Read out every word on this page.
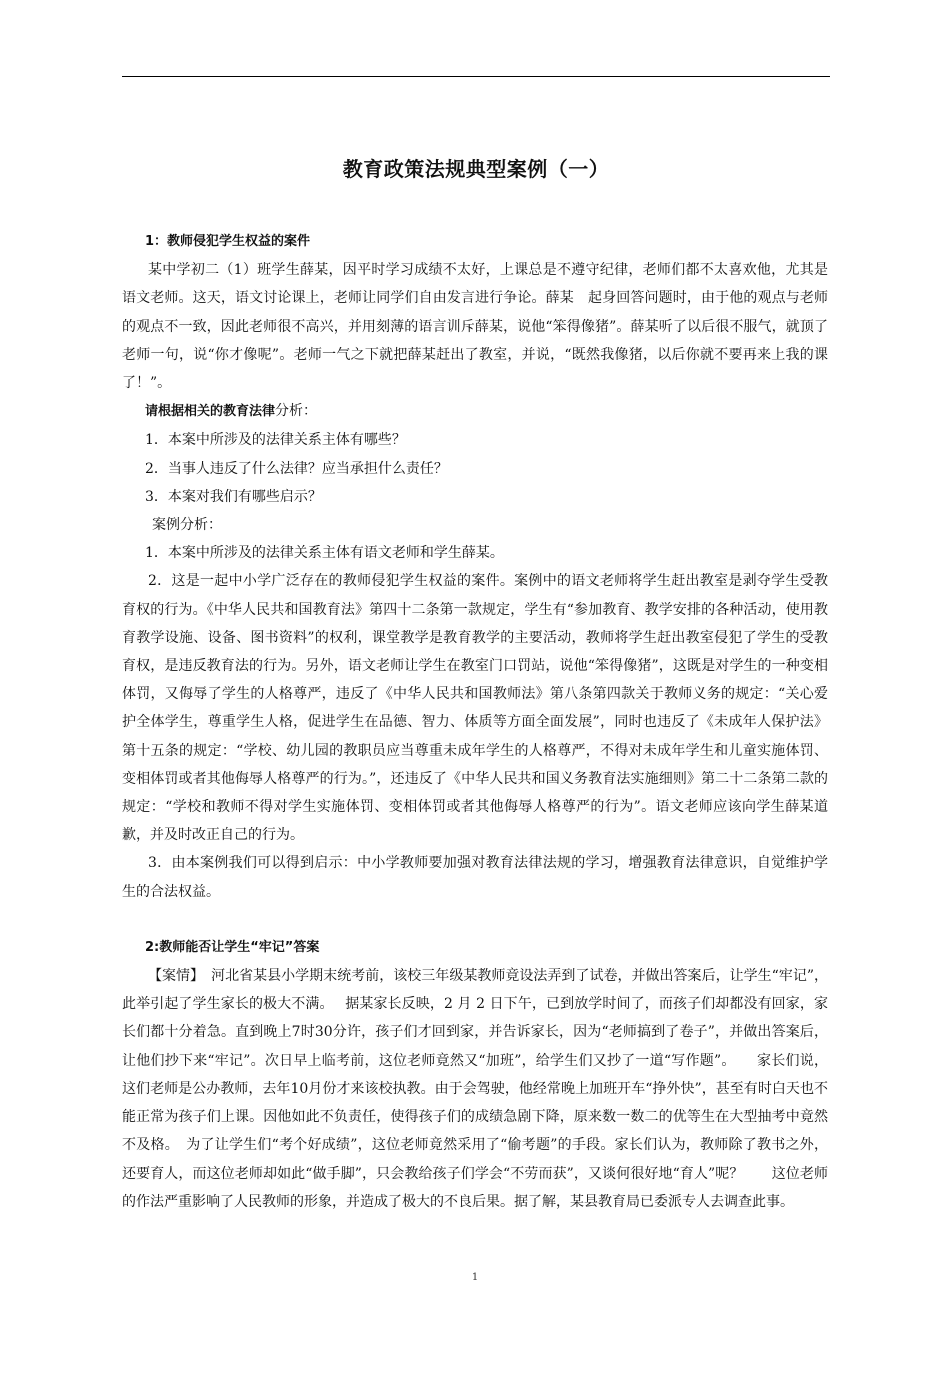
教育政策法规典型案例（一）

1：教师侵犯学生权益的案件

某中学初二（1）班学生薛某，因平时学习成绩不太好，上课总是不遵守纪律，老师们都不太喜欢他，尤其是语文老师。这天，语文讨论课上，老师让同学们自由发言进行争论。薛某　起身回答问题时，由于他的观点与老师的观点不一致，因此老师很不高兴，并用刻薄的语言训斥薛某，说他“笨得像猪”。薛某听了以后很不服气，就顶了老师一句，说“你才像呢”。老师一气之下就把薛某赶出了教室，并说，“既然我像猪，以后你就不要再来上我的课了！”。

请根据相关的教育法律分析：

1．本案中所涉及的法律关系主体有哪些？

2．当事人违反了什么法律？应当承担什么责任？

3．本案对我们有哪些启示？

案例分析：

1．本案中所涉及的法律关系主体有语文老师和学生薛某。

2．这是一起中小学广泛存在的教师侵犯学生权益的案件。案例中的语文老师将学生赶出教室是剥夺学生受教育权的行为。《中华人民共和国教育法》第四十二条第一款规定，学生有“参加教育、教学安排的各种活动，使用教育教学设施、设备、图书资料”的权利，课堂教学是教育教学的主要活动，教师将学生赶出教室侵犯了学生的受教育权，是违反教育法的行为。另外，语文老师让学生在教室门口罚站，说他“笨得像猪”，这既是对学生的一种变相体罚，又侮辱了学生的人格尊严，违反了《中华人民共和国教师法》第八条第四款关于教师义务的规定：“关心爱护全体学生，尊重学生人格，促进学生在品德、智力、体质等方面全面发展”，同时也违反了《未成年人保护法》第十五条的规定：“学校、幼儿园的教职员应当尊重未成年学生的人格尊严，不得对未成年学生和儿童实施体罚、变相体罚或者其他侮辱人格尊严的行为。”，还违反了《中华人民共和国义务教育法实施细则》第二十二条第二款的规定：“学校和教师不得对学生实施体罚、变相体罚或者其他侮辱人格尊严的行为”。语文老师应该向学生薛某道歉，并及时改正自己的行为。

3．由本案例我们可以得到启示：中小学教师要加强对教育法律法规的学习，增强教育法律意识，自觉维护学生的合法权益。

2:教师能否让学生“牢记”答案

【案情】　河北省某县小学期末统考前，该校三年级某教师竟设法弄到了试卷，并做出答案后，让学生“牢记”，此举引起了学生家长的极大不满。　 据某家长反映，2 月 2 日下午，已到放学时间了，而孩子们却都没有回家，家长们都十分着急。直到晚上7时30分许，孩子们才回到家，并告诉家长，因为“老师搞到了卷子”，并做出答案后，让他们抄下来“牢记”。次日早上临考前，这位老师竟然又“加班”，给学生们又抄了一道“写作题”。　　家长们说，这们老师是公办教师，去年10月份才来该校执教。由于会驾驶，他经常晚上加班开车“挣外快”，甚至有时白天也不能正常为孩子们上课。因他如此不负责任，使得孩子们的成绩急剧下降，原来数一数二的优等生在大型抽考中竟然不及格。　为了让学生们“考个好成绩”，这位老师竟然采用了“偷考题”的手段。家长们认为，教师除了教书之外，还要育人，而这位老师却如此“做手脚”，只会教给孩子们学会“不劳而获”，又谈何很好地“育人”呢？　　这位老师的作法严重影响了人民教师的形象，并造成了极大的不良后果。据了解，某县教育局已委派专人去调查此事。

1
